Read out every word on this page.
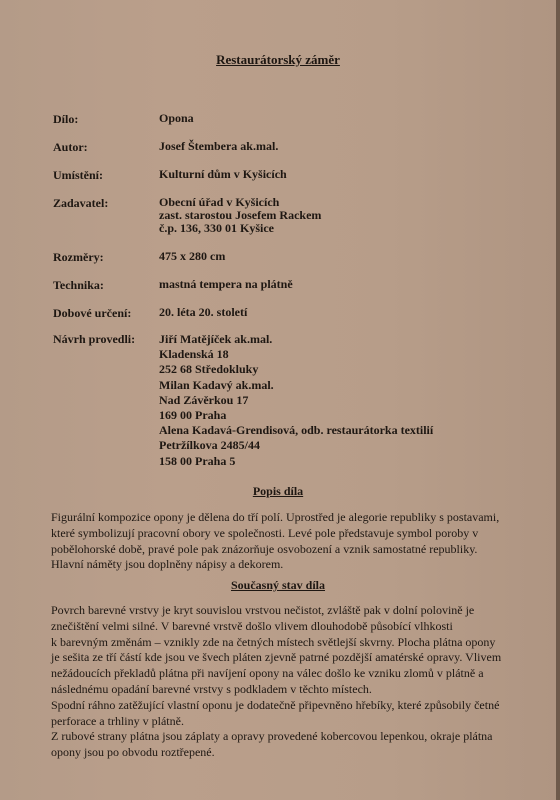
Restaurátorský záměr
Dílo:	Opona
Autor:	Josef Štembera ak.mal.
Umístění:	Kulturní dům v Kyšicích
Zadavatel:	Obecní úřad v Kyšicích
zast. starostou Josefem Rackem
č.p. 136, 330 01 Kyšice
Rozměry:	475 x 280 cm
Technika:	mastná tempera na plátně
Dobové určení: 20. léta 20. století
Návrh provedli: Jiří Matějíček ak.mal.
Kladenská 18
252 68 Středokluky
Milan Kadavý ak.mal.
Nad Závěrkou 17
169 00 Praha
Alena Kadavá-Grendisová, odb. restaurátorka textilií
Petržílkova 2485/44
158 00 Praha 5
Popis díla
Figurální kompozice opony je dělena do tří polí. Uprostřed je alegorie republiky s postavami,
které symbolizují pracovní obory ve společnosti. Levé pole představuje symbol poroby v
pobělohorské době, pravé pole pak znázorňuje osvobození a vznik samostatné republiky.
Hlavní náměty jsou doplněny nápisy a dekorem.
Současný stav díla
Povrch barevné vrstvy je kryt souvislou vrstvou nečistot, zvláště pak v dolní polovině je
znečištění velmi silné. V barevné vrstvě došlo vlivem dlouhodobě působící vlhkosti
k barevným změnám – vznikly zde na četných místech světlejší skvrny. Plocha plátna opony
je sešita ze tří částí kde jsou ve švech pláten zjevně patrné pozdější amatérské opravy. Vlivem
nežádoucích překladů plátna při navíjení opony na válec došlo ke vzniku zlomů v plátně a
následnému opadání barevné vrstvy s podkladem v těchto místech.
Spodní ráhno zatěžující vlastní oponu je dodatečně připevněno hřebíky, které způsobily četné
perforace a trhliny v plátně.
Z rubové strany plátna jsou záplaty a opravy provedené kobercovou lepenkou, okraje plátna
opony jsou po obvodu roztřepené.
